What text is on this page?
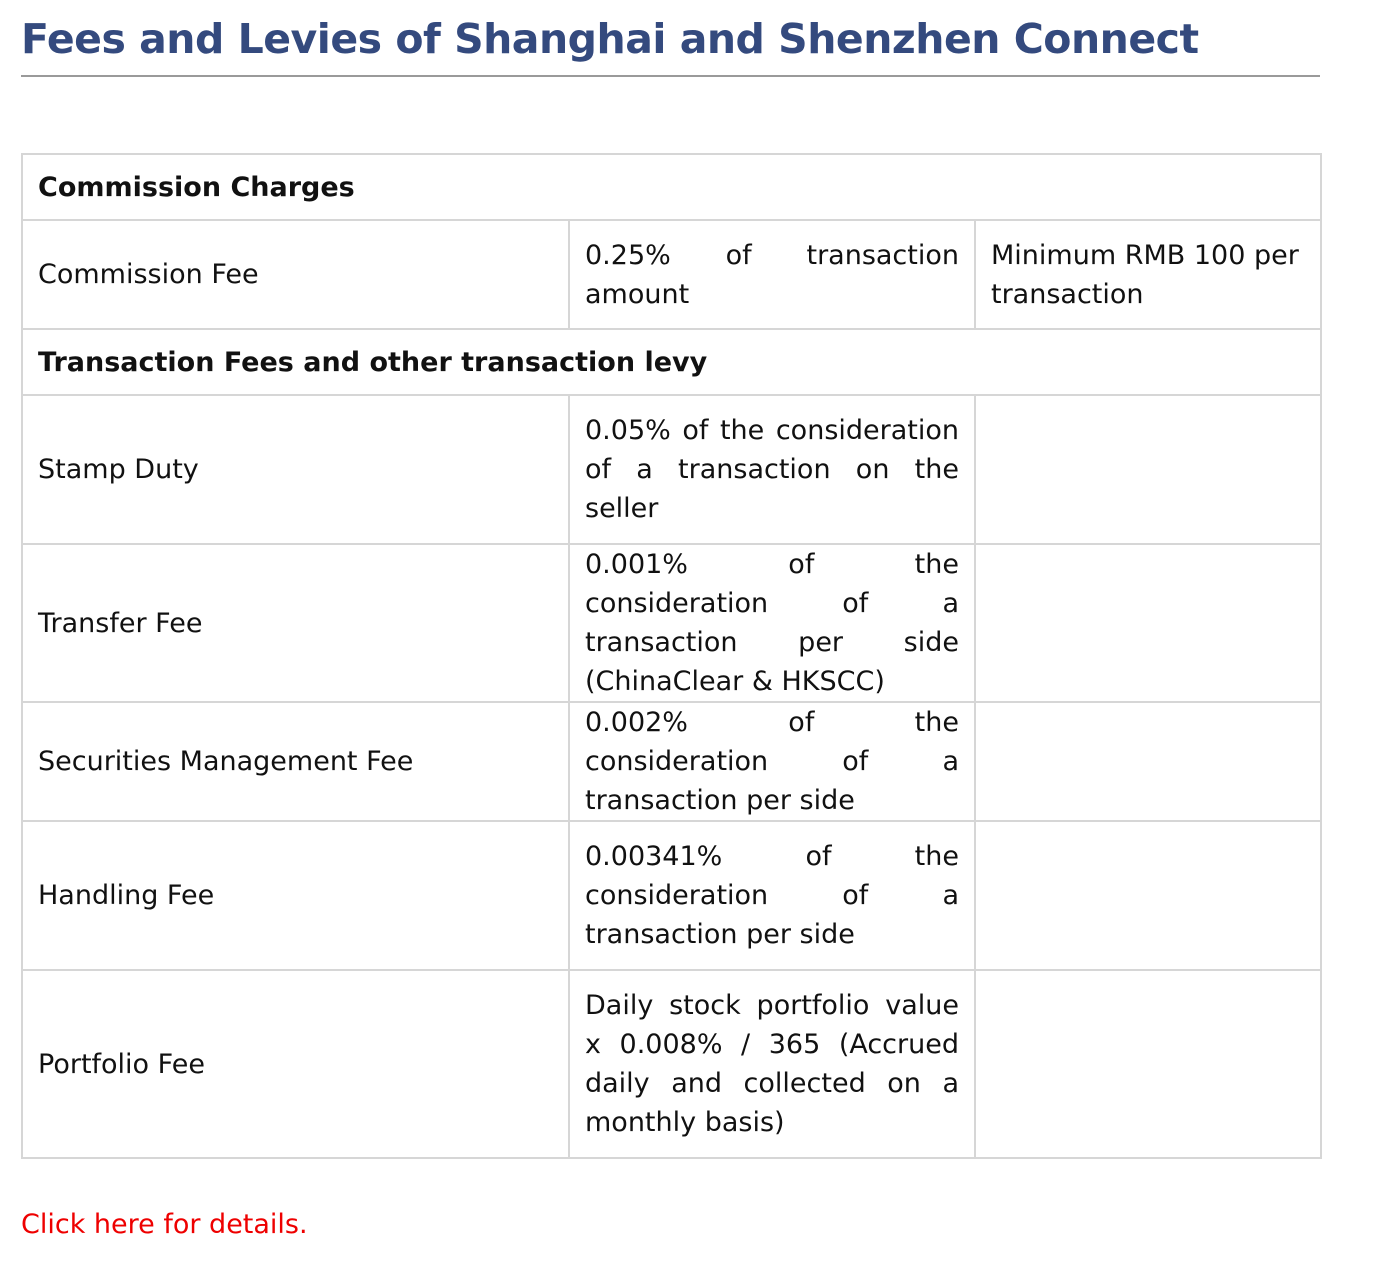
Fees and Levies of Shanghai and Shenzhen Connect
Commission Charges		
Commission Fee	0.25% of transaction amount	Minimum RMB 100 per transaction
Transaction Fees and other transaction levy		
Stamp Duty	0.05% of the consideration of a transaction on the seller	
Transfer Fee	0.001% of the consideration of a transaction per side (ChinaClear & HKSCC)	
Securities Management Fee	0.002% of the consideration of a transaction per side	
Handling Fee	0.00341% of the consideration of a transaction per side	
Portfolio Fee	Daily stock portfolio value x 0.008% / 365 (Accrued daily and collected on a monthly basis)	
Click here for details.
